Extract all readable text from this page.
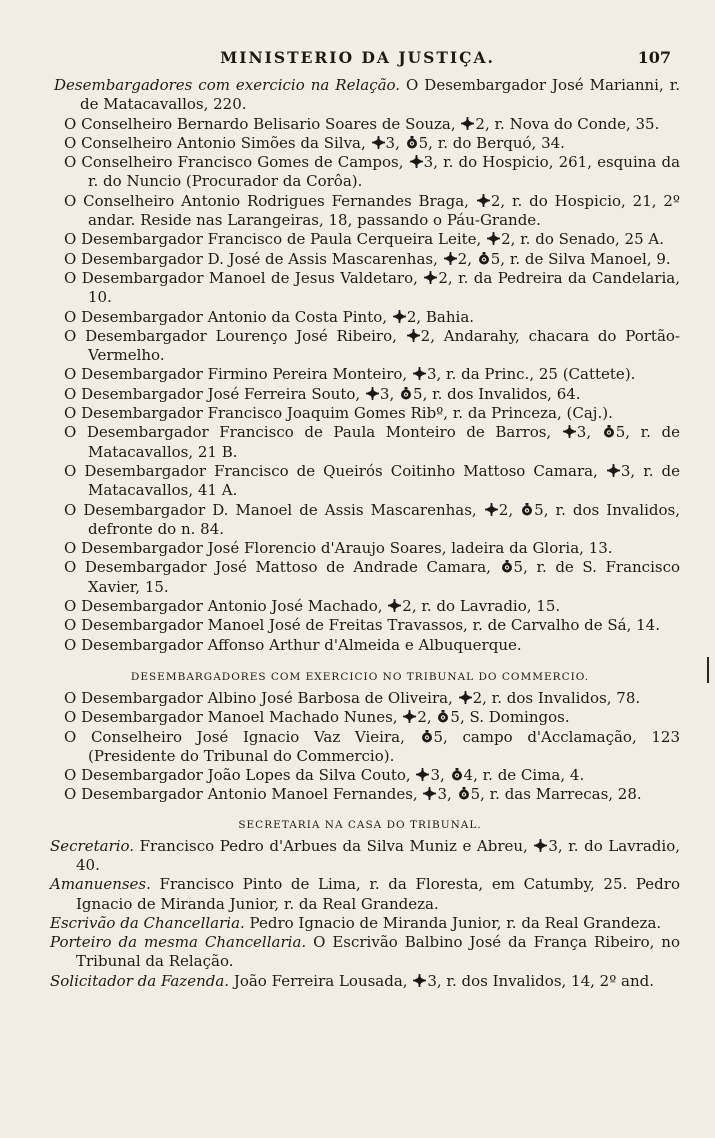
MINISTERIO DA JUSTIÇA.	107

Desembargadores com exercicio na Relação. O Desembargador José Marianni, r. de Matacavallos, 220.

O Conselheiro Bernardo Belisario Soares de Souza, 2, r. Nova do Conde, 35.

O Conselheiro Antonio Simões da Silva, 3, 5, r. do Berquó, 34.

O Conselheiro Francisco Gomes de Campos, 3, r. do Hospicio, 261, esquina da r. do Nuncio (Procurador da Corôa).

O Conselheiro Antonio Rodrigues Fernandes Braga, 2, r. do Hospicio, 21, 2º andar. Reside nas Larangeiras, 18, passando o Páu-Grande.

O Desembargador Francisco de Paula Cerqueira Leite, 2, r. do Senado, 25 A.

O Desembargador D. José de Assis Mascarenhas, 2, 5, r. de Silva Manoel, 9.

O Desembargador Manoel de Jesus Valdetaro, 2, r. da Pedreira da Candelaria, 10.

O Desembargador Antonio da Costa Pinto, 2, Bahia.

O Desembargador Lourenço José Ribeiro, 2, Andarahy, chacara do Portão-Vermelho.

O Desembargador Firmino Pereira Monteiro, 3, r. da Princ., 25 (Cattete).

O Desembargador José Ferreira Souto, 3, 5, r. dos Invalidos, 64.

O Desembargador Francisco Joaquim Gomes Ribº, r. da Princeza, (Caj.).

O Desembargador Francisco de Paula Monteiro de Barros, 3, 5, r. de Matacavallos, 21 B.

O Desembargador Francisco de Queirós Coitinho Mattoso Camara, 3, r. de Matacavallos, 41 A.

O Desembargador D. Manoel de Assis Mascarenhas, 2, 5, r. dos Invalidos, defronte do n. 84.

O Desembargador José Florencio d'Araujo Soares, ladeira da Gloria, 13.

O Desembargador José Mattoso de Andrade Camara, 5, r. de S. Francisco Xavier, 15.

O Desembargador Antonio José Machado, 2, r. do Lavradio, 15.

O Desembargador Manoel José de Freitas Travassos, r. de Carvalho de Sá, 14.

O Desembargador Affonso Arthur d'Almeida e Albuquerque.

DESEMBARGADORES COM EXERCICIO NO TRIBUNAL DO COMMERCIO.

O Desembargador Albino José Barbosa de Oliveira, 2, r. dos Invalidos, 78.

O Desembargador Manoel Machado Nunes, 2, 5, S. Domingos.

O Conselheiro José Ignacio Vaz Vieira, 5, campo d'Acclamação, 123 (Presidente do Tribunal do Commercio).

O Desembargador João Lopes da Silva Couto, 3, 4, r. de Cima, 4.

O Desembargador Antonio Manoel Fernandes, 3, 5, r. das Marrecas, 28.

SECRETARIA NA CASA DO TRIBUNAL.

Secretario. Francisco Pedro d'Arbues da Silva Muniz e Abreu, 3, r. do Lavradio, 40.

Amanuenses. Francisco Pinto de Lima, r. da Floresta, em Catumby, 25. Pedro Ignacio de Miranda Junior, r. da Real Grandeza.

Escrivão da Chancellaria. Pedro Ignacio de Miranda Junior, r. da Real Grandeza.

Porteiro da mesma Chancellaria. O Escrivão Balbino José da França Ribeiro, no Tribunal da Relação.

Solicitador da Fazenda. João Ferreira Lousada, 3, r. dos Invalidos, 14, 2º and.
